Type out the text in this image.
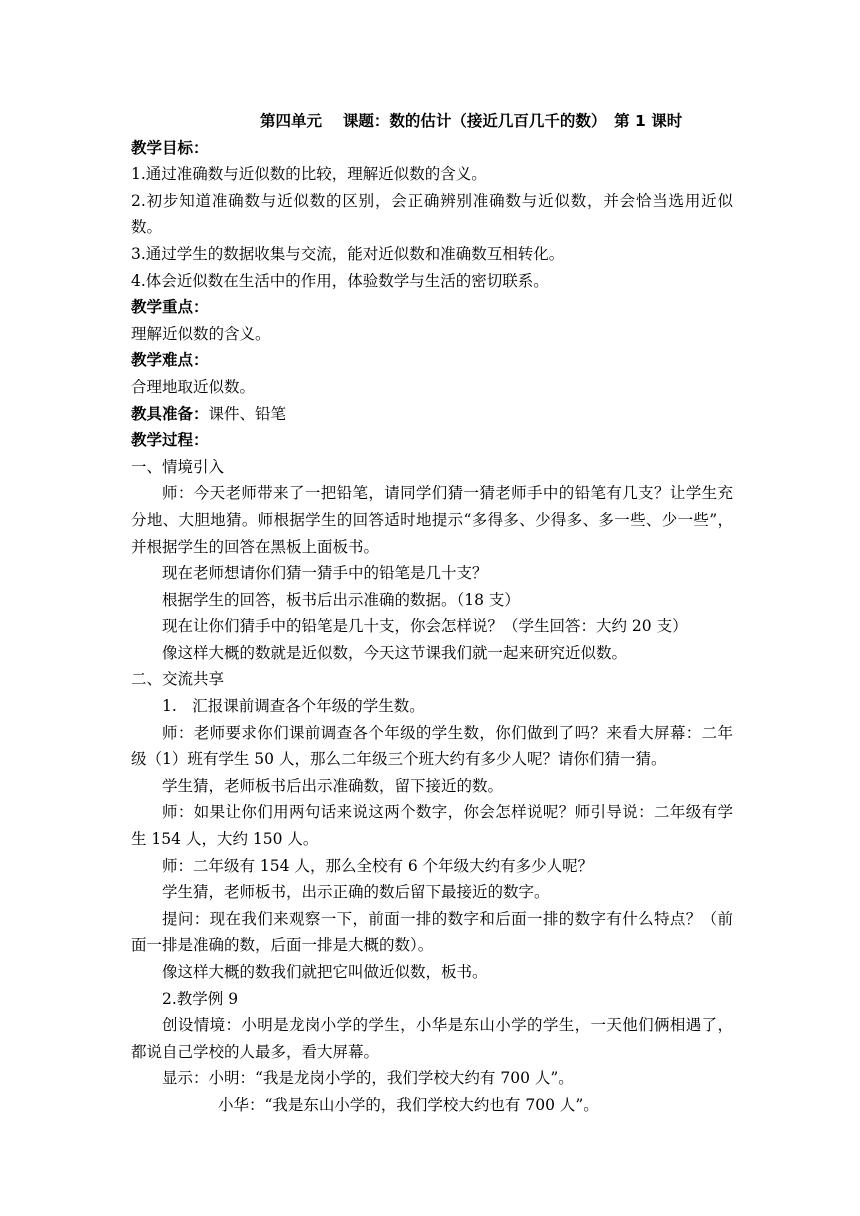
第四单元　 课题：数的估计（接近几百几千的数）　第 1 课时
教学目标：
1.通过准确数与近似数的比较，理解近似数的含义。
2.初步知道准确数与近似数的区别，会正确辨别准确数与近似数，并会恰当选用近似数。
3.通过学生的数据收集与交流，能对近似数和准确数互相转化。
4.体会近似数在生活中的作用，体验数学与生活的密切联系。
教学重点：
理解近似数的含义。
教学难点：
合理地取近似数。
教具准备：课件、铅笔
教学过程：
一、情境引入
师：今天老师带来了一把铅笔，请同学们猜一猜老师手中的铅笔有几支？让学生充分地、大胆地猜。师根据学生的回答适时地提示“多得多、少得多、多一些、少一些”，并根据学生的回答在黑板上面板书。
现在老师想请你们猜一猜手中的铅笔是几十支？
根据学生的回答，板书后出示准确的数据。（18 支）
现在让你们猜手中的铅笔是几十支，你会怎样说？（学生回答：大约 20 支）
像这样大概的数就是近似数，今天这节课我们就一起来研究近似数。
二、交流共享
1.　汇报课前调查各个年级的学生数。
师：老师要求你们课前调查各个年级的学生数，你们做到了吗？来看大屏幕：二年级（1）班有学生 50 人，那么二年级三个班大约有多少人呢？请你们猜一猜。
学生猜，老师板书后出示准确数，留下接近的数。
师：如果让你们用两句话来说这两个数字，你会怎样说呢？师引导说：二年级有学生 154 人，大约 150 人。
师：二年级有 154 人，那么全校有 6 个年级大约有多少人呢？
学生猜，老师板书，出示正确的数后留下最接近的数字。
提问：现在我们来观察一下，前面一排的数字和后面一排的数字有什么特点？（前面一排是准确的数，后面一排是大概的数）。
像这样大概的数我们就把它叫做近似数，板书。
2.教学例 9
创设情境：小明是龙岗小学的学生，小华是东山小学的学生，一天他们俩相遇了，都说自己学校的人最多，看大屏幕。
显示：小明：“我是龙岗小学的，我们学校大约有 700 人”。
小华：“我是东山小学的，我们学校大约也有 700 人”。
